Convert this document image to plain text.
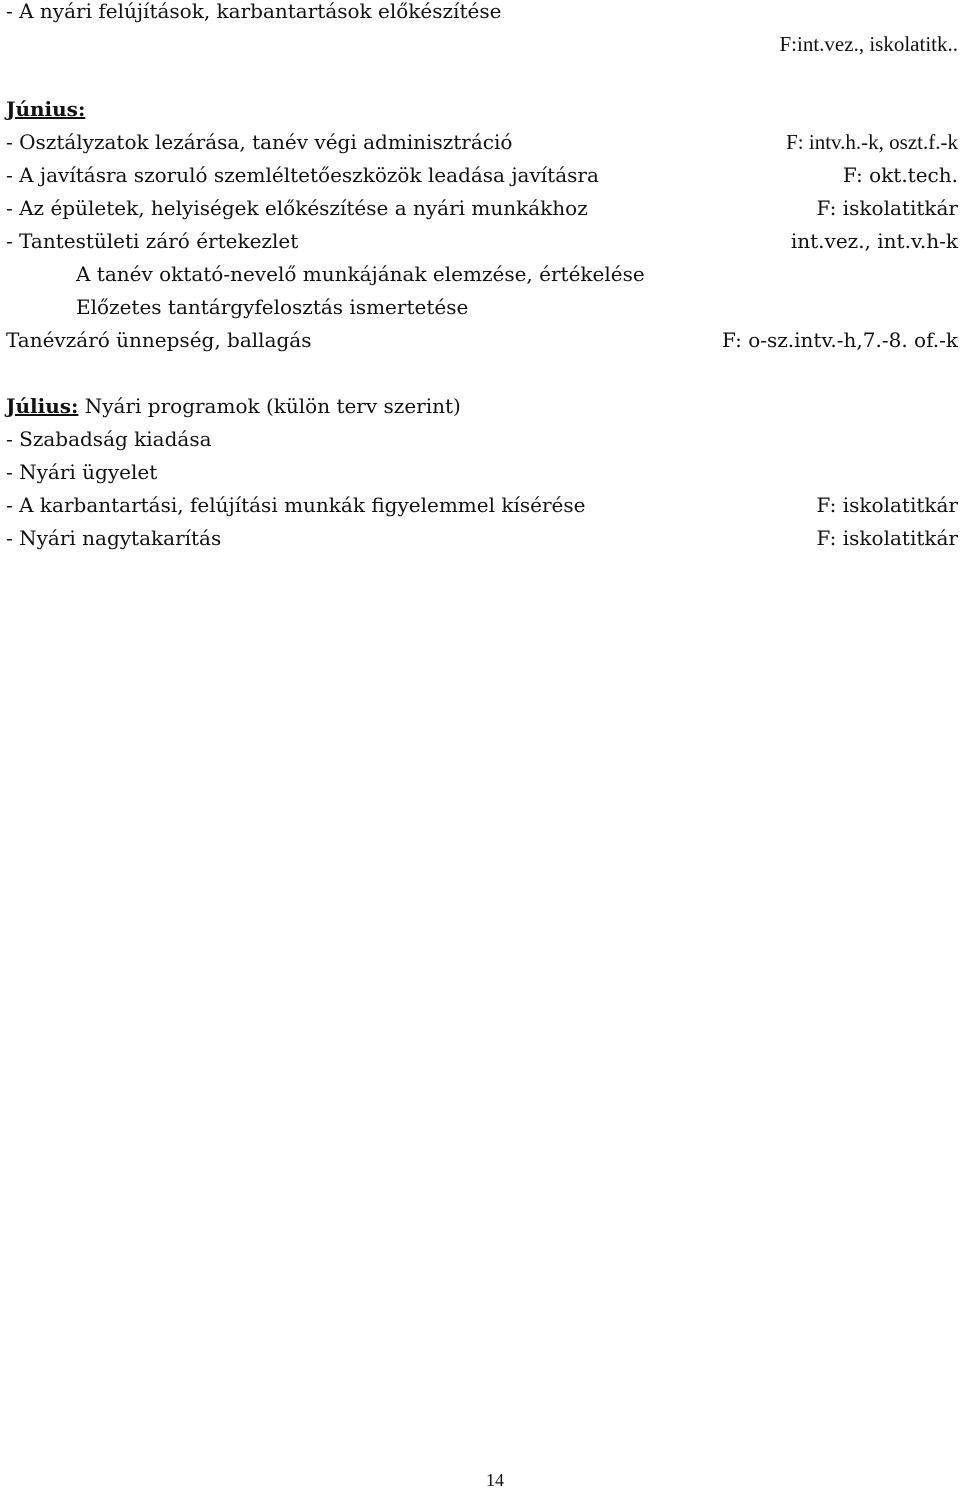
- A nyári felújítások, karbantartások előkészítése
F:int.vez., iskolatitk..
Június:
- Osztályzatok lezárása, tanév végi adminisztráció	F: intv.h.-k, oszt.f.-k
- A javításra szoruló szemléltetőeszközök leadása javításra	F: okt.tech.
- Az épületek, helyiségek előkészítése a nyári munkákhoz	F: iskolatitkár
- Tantestületi záró értekezlet	int.vez., int.v.h-k
A tanév oktató-nevelő munkájának elemzése, értékelése
Előzetes tantárgyfelosztás ismertetése
Tanévzáró ünnepség, ballagás	F: o-sz.intv.-h,7.-8. of.-k
Július: Nyári programok (külön terv szerint)
- Szabadság kiadása
- Nyári ügyelet
- A karbantartási, felújítási munkák figyelemmel kísérése	F: iskolatitkár
- Nyári nagytakarítás	F: iskolatitkár
14
